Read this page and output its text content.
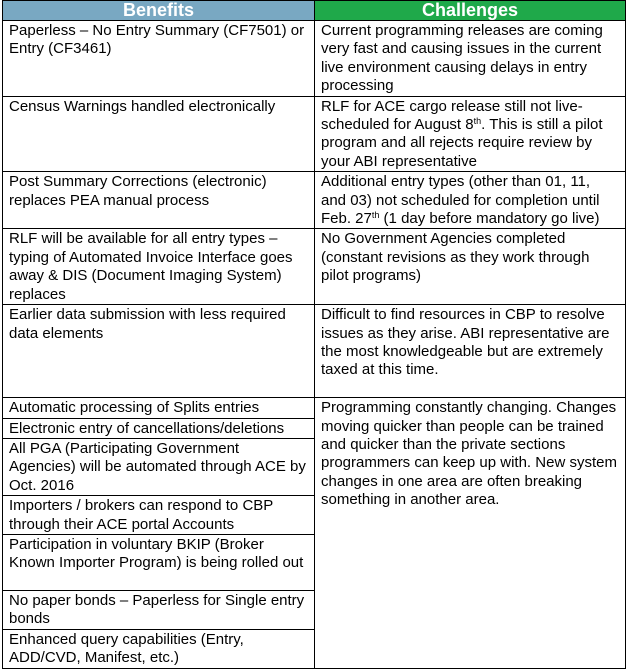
Benefits	Challenges
Paperless – No Entry Summary (CF7501) or Entry (CF3461)	Current programming releases are coming very fast and causing issues in the current live environment causing delays in entry processing
Census Warnings handled electronically	RLF for ACE cargo release still not live- scheduled for August 8th. This is still a pilot program and all rejects require review by your ABI representative
Post Summary Corrections (electronic) replaces PEA manual process	Additional entry types (other than 01, 11, and 03) not scheduled for completion until Feb. 27th (1 day before mandatory go live)
RLF will be available for all entry types – typing of Automated Invoice Interface goes away & DIS (Document Imaging System) replaces	No Government Agencies completed (constant revisions as they work through pilot programs)
Earlier data submission with less required data elements	Difficult to find resources in CBP to resolve issues as they arise. ABI representative are the most knowledgeable but are extremely taxed at this time.
Automatic processing of Splits entries	Programming constantly changing. Changes moving quicker than people can be trained and quicker than the private sections programmers can keep up with. New system changes in one area are often breaking something in another area.
Electronic entry of cancellations/deletions	
All PGA (Participating Government Agencies) will be automated through ACE by Oct. 2016	
Importers / brokers can respond to CBP through their ACE portal Accounts	
Participation in voluntary BKIP (Broker Known Importer Program) is being rolled out	
No paper bonds – Paperless for Single entry bonds	
Enhanced query capabilities (Entry, ADD/CVD, Manifest, etc.)	
